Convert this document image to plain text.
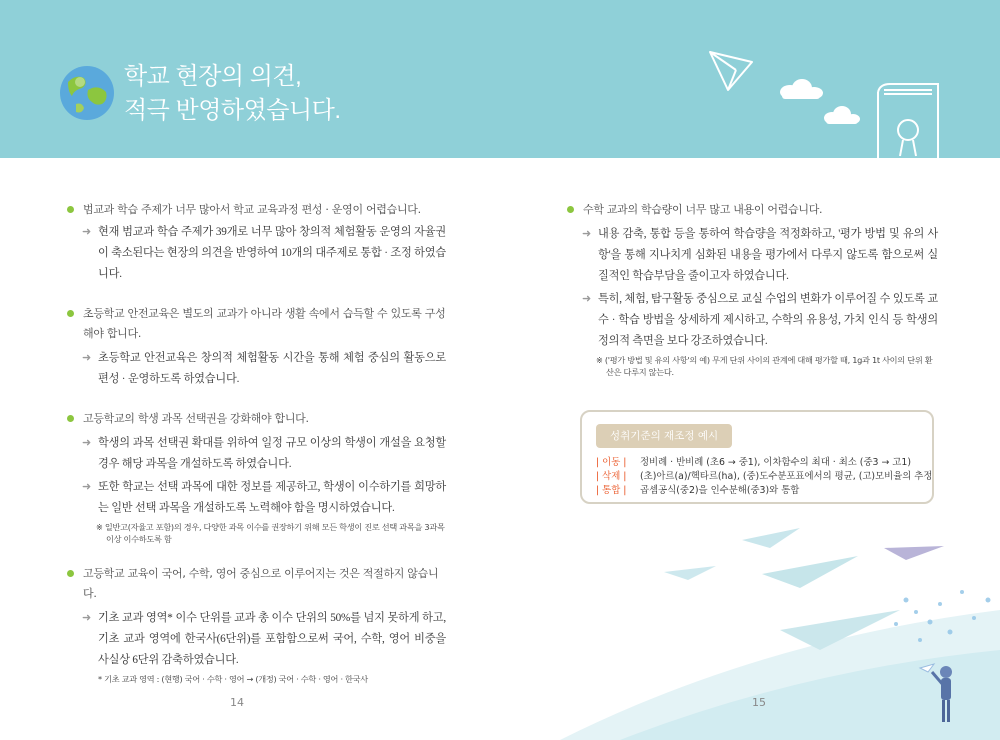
학교 현장의 의견,
적극 반영하였습니다.
범교과 학습 주제가 너무 많아서 학교 교육과정 편성 · 운영이 어렵습니다.
➜ 현재 범교과 학습 주제가 39개로 너무 많아 창의적 체험활동 운영의 자율권이 축소된다는 현장의 의견을 반영하여 10개의 대주제로 통합 · 조정 하였습니다.
초등학교 안전교육은 별도의 교과가 아니라 생활 속에서 습득할 수 있도록 구성해야 합니다.
➜ 초등학교 안전교육은 창의적 체험활동 시간을 통해 체험 중심의 활동으로 편성 · 운영하도록 하였습니다.
고등학교의 학생 과목 선택권을 강화해야 합니다.
➜ 학생의 과목 선택권 확대를 위하여 일정 규모 이상의 학생이 개설을 요청할 경우 해당 과목을 개설하도록 하였습니다.
➜ 또한 학교는 선택 과목에 대한 정보를 제공하고, 학생이 이수하기를 희망하는 일반 선택 과목을 개설하도록 노력해야 함을 명시하였습니다.
※ 일반고(자율고 포함)의 경우, 다양한 과목 이수를 권장하기 위해 모든 학생이 진로 선택 과목을 3과목 이상 이수하도록 함
고등학교 교육이 국어, 수학, 영어 중심으로 이루어지는 것은 적절하지 않습니다.
➜ 기초 교과 영역* 이수 단위를 교과 총 이수 단위의 50%를 넘지 못하게 하고, 기초 교과 영역에 한국사(6단위)를 포함함으로써 국어, 수학, 영어 비중을 사실상 6단위 감축하였습니다.
* 기초 교과 영역 : (현행) 국어 · 수학 · 영어 → (개정) 국어 · 수학 · 영어 · 한국사
수학 교과의 학습량이 너무 많고 내용이 어렵습니다.
➜ 내용 감축, 통합 등을 통하여 학습량을 적정화하고, '평가 방법 및 유의 사항'을 통해 지나치게 심화된 내용을 평가에서 다루지 않도록 함으로써 실질적인 학습부담을 줄이고자 하였습니다.
➜ 특히, 체험, 탐구활동 중심으로 교실 수업의 변화가 이루어질 수 있도록 교수 · 학습 방법을 상세하게 제시하고, 수학의 유용성, 가치 인식 등 학생의 정의적 측면을 보다 강조하였습니다.
※ ('평가 방법 및 유의 사항'의 예) 무게 단위 사이의 관계에 대해 평가할 때, 1g과 1t 사이의 단위 환산은 다루지 않는다.
성취기준의 재조정 예시
| 이동 | 정비례 · 반비례 (초6 → 중1), 이차함수의 최대 · 최소 (중3 → 고1)
| 삭제 | (초)아르(a)/헥타르(ha), (중)도수분포표에서의 평균, (고)모비율의 추정
| 통합 | 곱셈공식(중2)을 인수분해(중3)와 통합
14	15
